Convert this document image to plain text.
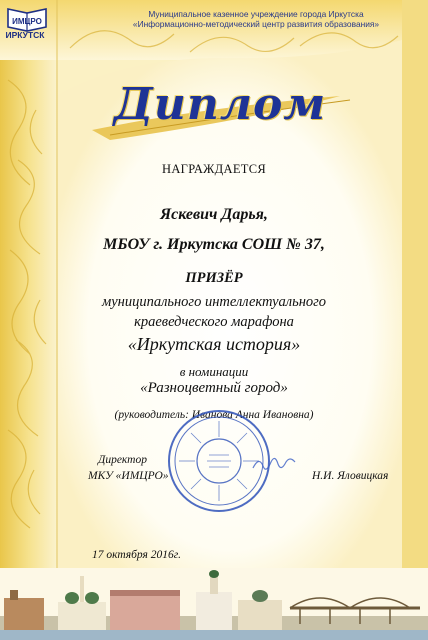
ИМЦРО
ИРКУТСК
Муниципальное казенное учреждение города Иркутска
«Информационно-методический центр развития образования»
Диплом
НАГРАЖДАЕТСЯ
Яскевич Дарья,
МБОУ г. Иркутска СОШ № 37,
ПРИЗЁР
муниципального интеллектуального
краеведческого марафона
«Иркутская история»
в номинации
«Разноцветный город»
(руководитель: Иванова Анна Ивановна)
Директор
МКУ «ИМЦРО»	Н.И. Яловицкая
17 октября 2016г.
